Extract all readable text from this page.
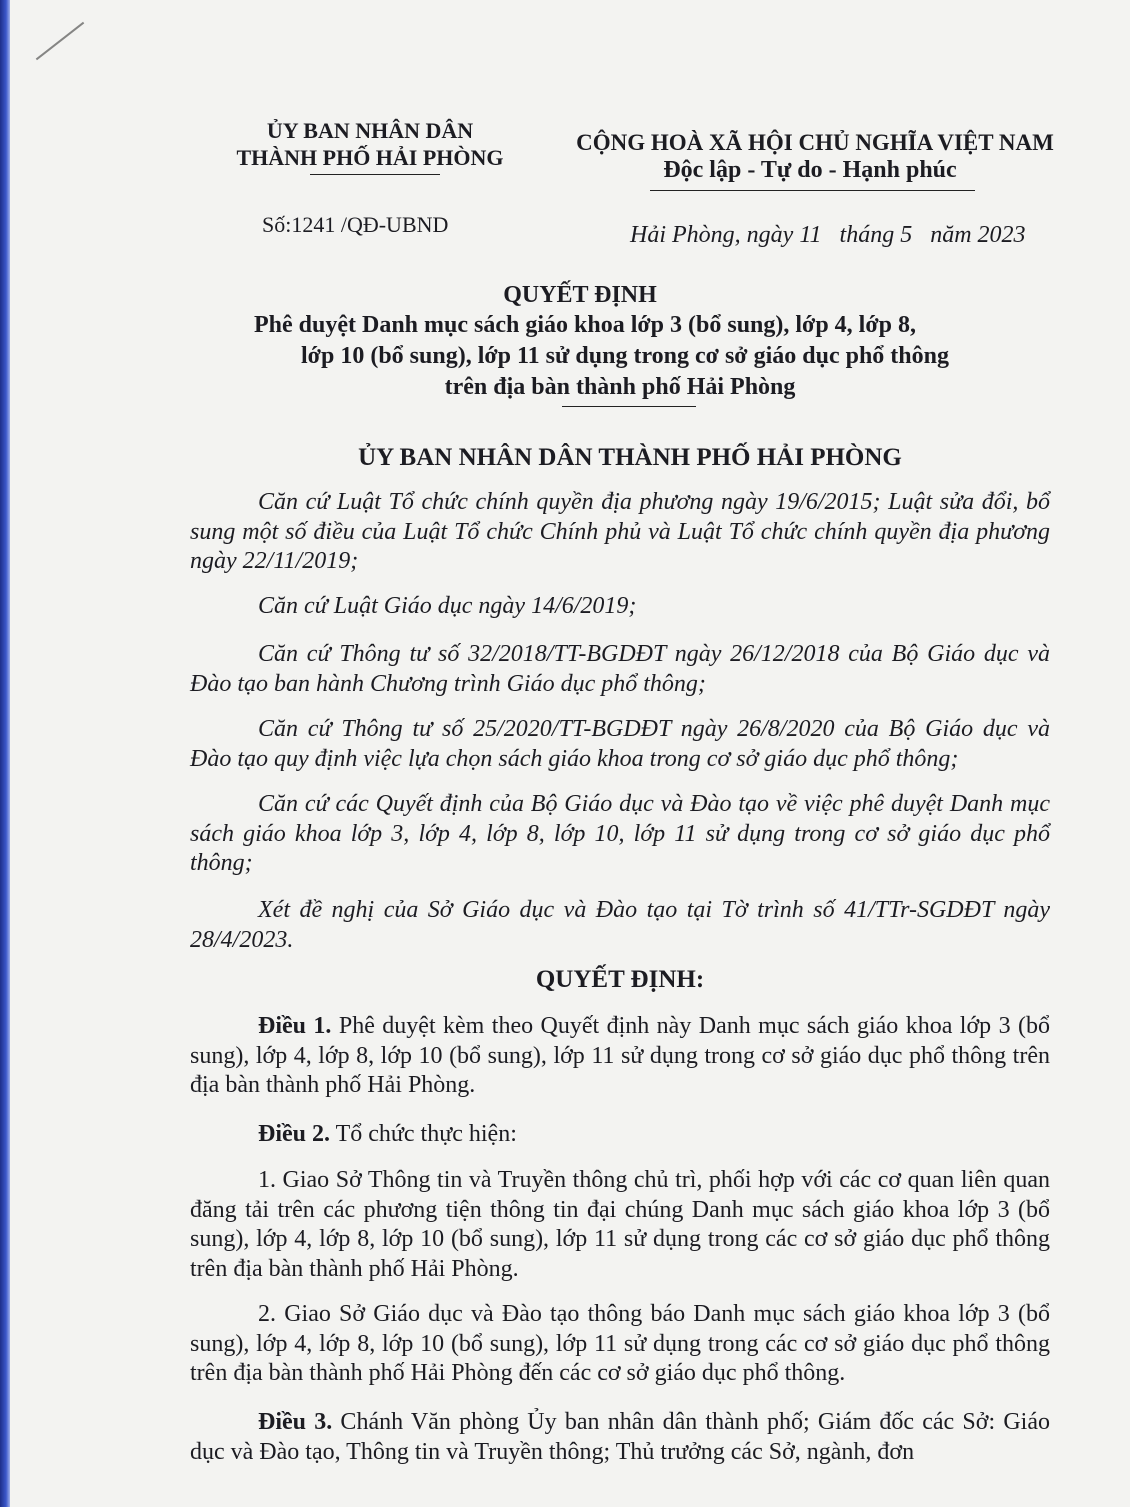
ỦY BAN NHÂN DÂN
THÀNH PHỐ HẢI PHÒNG
CỘNG HOÀ XÃ HỘI CHỦ NGHĨA VIỆT NAM
Độc lập - Tự do - Hạnh phúc
Số:1241 /QĐ-UBND	Hải Phòng, ngày 11   tháng 5   năm 2023
QUYẾT ĐỊNH
Phê duyệt Danh mục sách giáo khoa lớp 3 (bổ sung), lớp 4, lớp 8,
lớp 10 (bổ sung), lớp 11 sử dụng trong cơ sở giáo dục phổ thông
trên địa bàn thành phố Hải Phòng
ỦY BAN NHÂN DÂN THÀNH PHỐ HẢI PHÒNG
Căn cứ Luật Tổ chức chính quyền địa phương ngày 19/6/2015; Luật sửa đổi, bổ sung một số điều của Luật Tổ chức Chính phủ và Luật Tổ chức chính quyền địa phương ngày 22/11/2019;
Căn cứ Luật Giáo dục ngày 14/6/2019;
Căn cứ Thông tư số 32/2018/TT-BGDĐT ngày 26/12/2018 của Bộ Giáo dục và Đào tạo ban hành Chương trình Giáo dục phổ thông;
Căn cứ Thông tư số 25/2020/TT-BGDĐT ngày 26/8/2020 của Bộ Giáo dục và Đào tạo quy định việc lựa chọn sách giáo khoa trong cơ sở giáo dục phổ thông;
Căn cứ các Quyết định của Bộ Giáo dục và Đào tạo về việc phê duyệt Danh mục sách giáo khoa lớp 3, lớp 4, lớp 8, lớp 10, lớp 11 sử dụng trong cơ sở giáo dục phổ thông;
Xét đề nghị của Sở Giáo dục và Đào tạo tại Tờ trình số 41/TTr-SGDĐT ngày 28/4/2023.
QUYẾT ĐỊNH:
Điều 1. Phê duyệt kèm theo Quyết định này Danh mục sách giáo khoa lớp 3 (bổ sung), lớp 4, lớp 8, lớp 10 (bổ sung), lớp 11 sử dụng trong cơ sở giáo dục phổ thông trên địa bàn thành phố Hải Phòng.
Điều 2. Tổ chức thực hiện:
1. Giao Sở Thông tin và Truyền thông chủ trì, phối hợp với các cơ quan liên quan đăng tải trên các phương tiện thông tin đại chúng Danh mục sách giáo khoa lớp 3 (bổ sung), lớp 4, lớp 8, lớp 10 (bổ sung), lớp 11 sử dụng trong các cơ sở giáo dục phổ thông trên địa bàn thành phố Hải Phòng.
2. Giao Sở Giáo dục và Đào tạo thông báo Danh mục sách giáo khoa lớp 3 (bổ sung), lớp 4, lớp 8, lớp 10 (bổ sung), lớp 11 sử dụng trong các cơ sở giáo dục phổ thông trên địa bàn thành phố Hải Phòng đến các cơ sở giáo dục phổ thông.
Điều 3. Chánh Văn phòng Ủy ban nhân dân thành phố; Giám đốc các Sở: Giáo dục và Đào tạo, Thông tin và Truyền thông; Thủ trưởng các Sở, ngành, đơn
